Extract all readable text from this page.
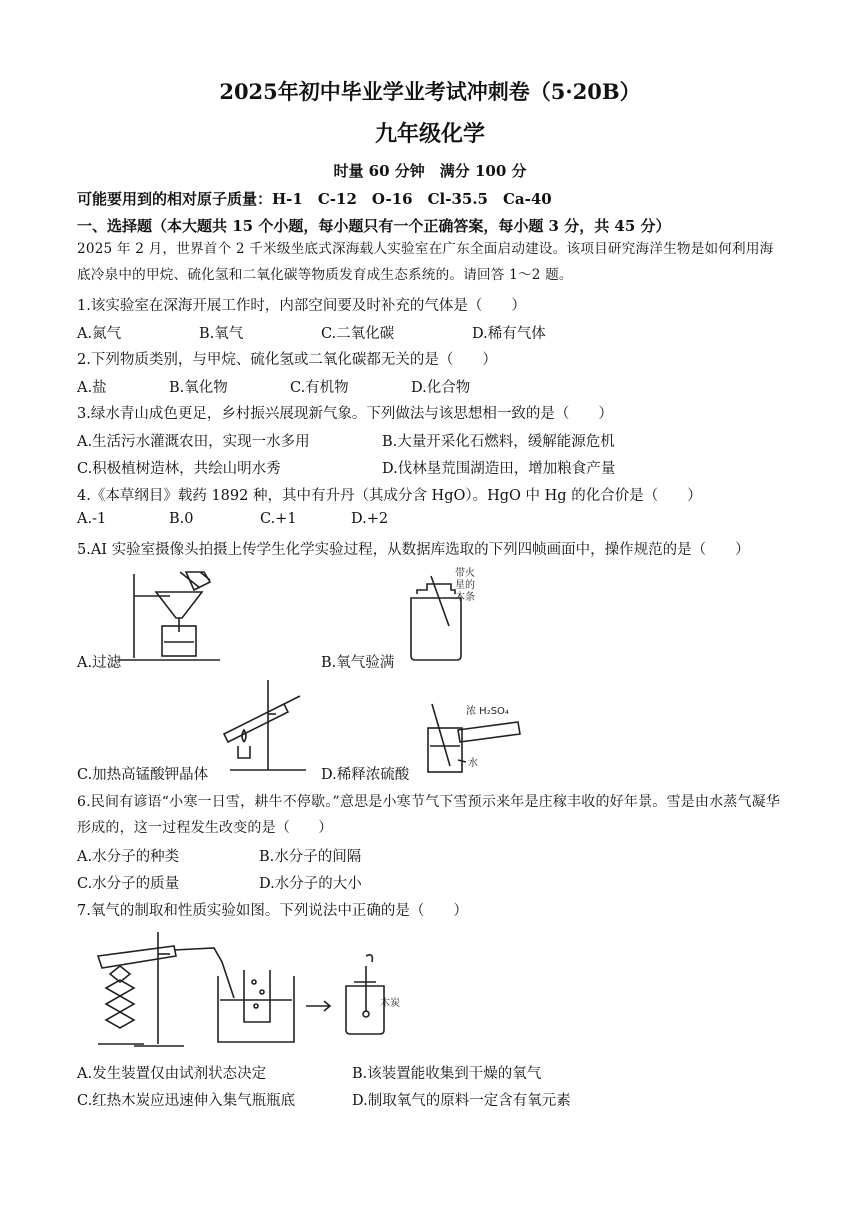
2025年初中毕业学业考试冲刺卷（5·20B）
九年级化学
时量 60 分钟　满分 100 分
可能要用到的相对原子质量：H-1　C-12　O-16　Cl-35.5　Ca-40
一、选择题（本大题共 15 个小题，每小题只有一个正确答案，每小题 3 分，共 45 分）
2025 年 2 月，世界首个 2 千米级坐底式深海载人实验室在广东全面启动建设。该项目研究海洋生物是如何利用海底冷泉中的甲烷、硫化氢和二氧化碳等物质发育成生态系统的。请回答 1～2 题。
1.该实验室在深海开展工作时，内部空间要及时补充的气体是（　　）
A.氮气	B.氧气	C.二氧化碳	D.稀有气体
2.下列物质类别，与甲烷、硫化氢或二氧化碳都无关的是（　　）
A.盐	B.氧化物	C.有机物	D.化合物
3.绿水青山成色更足，乡村振兴展现新气象。下列做法与该思想相一致的是（　　）
A.生活污水灌溉农田，实现一水多用	B.大量开采化石燃料，缓解能源危机
C.积极植树造林，共绘山明水秀	D.伐林垦荒围湖造田，增加粮食产量
4.《本草纲目》载药 1892 种，其中有升丹（其成分含 HgO）。HgO 中 Hg 的化合价是（　　）
A.-1	B.0	C.+1	D.+2
5.AI 实验室摄像头拍摄上传学生化学实验过程，从数据库选取的下列四帧画面中，操作规范的是（　　）
A.过滤
带火
星的
木条
B.氧气验满
C.加热高锰酸钾晶体
浓 H₂SO₄
水
D.稀释浓硫酸
6.民间有谚语“小寒一日雪，耕牛不停歇。”意思是小寒节气下雪预示来年是庄稼丰收的好年景。雪是由水蒸气凝华形成的，这一过程发生改变的是（　　）
A.水分子的种类	B.水分子的间隔
C.水分子的质量	D.水分子的大小
7.氧气的制取和性质实验如图。下列说法中正确的是（　　）
木炭
A.发生装置仅由试剂状态决定	B.该装置能收集到干燥的氧气
C.红热木炭应迅速伸入集气瓶瓶底	D.制取氧气的原料一定含有氧元素
